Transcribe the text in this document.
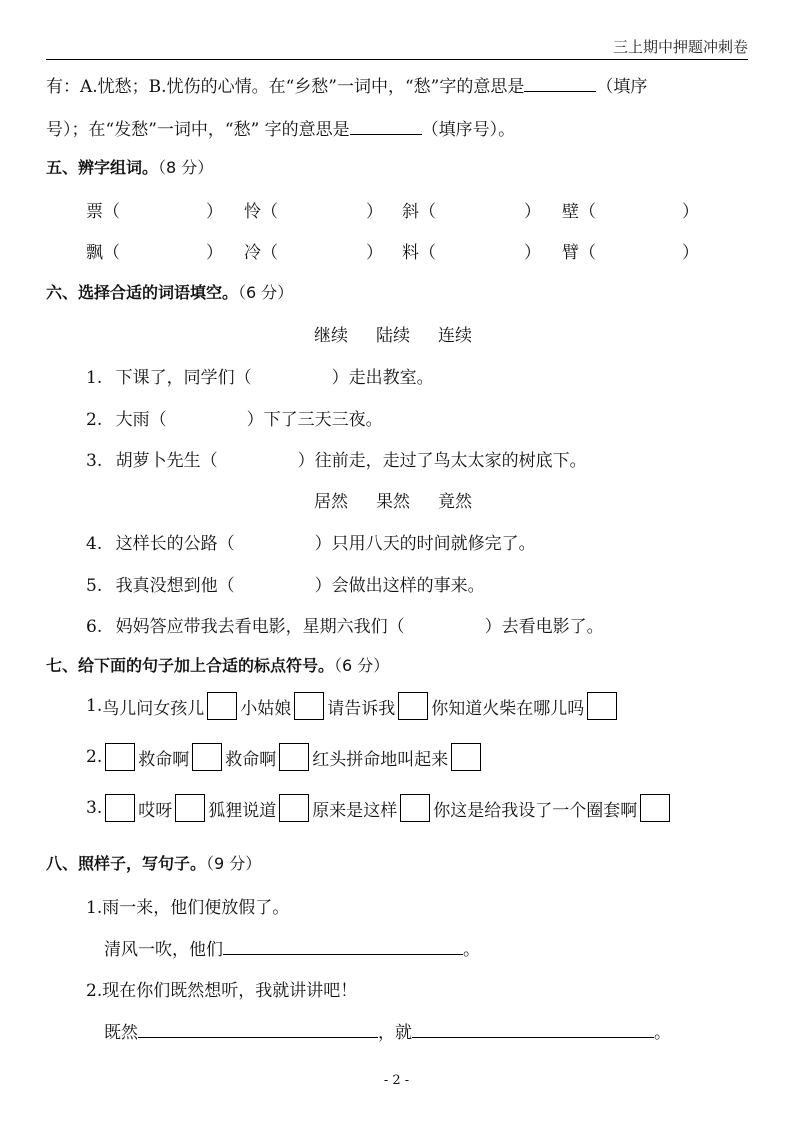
三上期中押题冲刺卷
有：A.忧愁；B.忧伤的心情。在“乡愁”一词中，“愁”字的意思是	（填序
号）；在“发愁”一词中，“愁” 字的意思是	（填序号）。
五、辨字组词。（8 分）
票（	） 怜（	） 斜（	） 壁（	）
飘（	） 冷（	） 料（	） 臂（	）
六、选择合适的词语填空。（6 分）
继续 陆续 连续
1. 下课了，同学们（	）走出教室。
2. 大雨（	）下了三天三夜。
3. 胡萝卜先生（	）往前走，走过了鸟太太家的树底下。
居然 果然 竟然
4. 这样长的公路（	）只用八天的时间就修完了。
5. 我真没想到他（	）会做出这样的事来。
6. 妈妈答应带我去看电影，星期六我们（	）去看电影了。
七、给下面的句子加上合适的标点符号。（6 分）
1. 鸟儿问女孩儿 小姑娘 请告诉我 你知道火柴在哪儿吗
2. 救命啊 救命啊 红头拼命地叫起来
3. 哎呀 狐狸说道 原来是这样 你这是给我设了一个圈套啊
八、照样子，写句子。（9 分）
1.雨一来，他们便放假了。
清风一吹，他们	。
2.现在你们既然想听，我就讲讲吧！
既然	，就	。
- 2 -
